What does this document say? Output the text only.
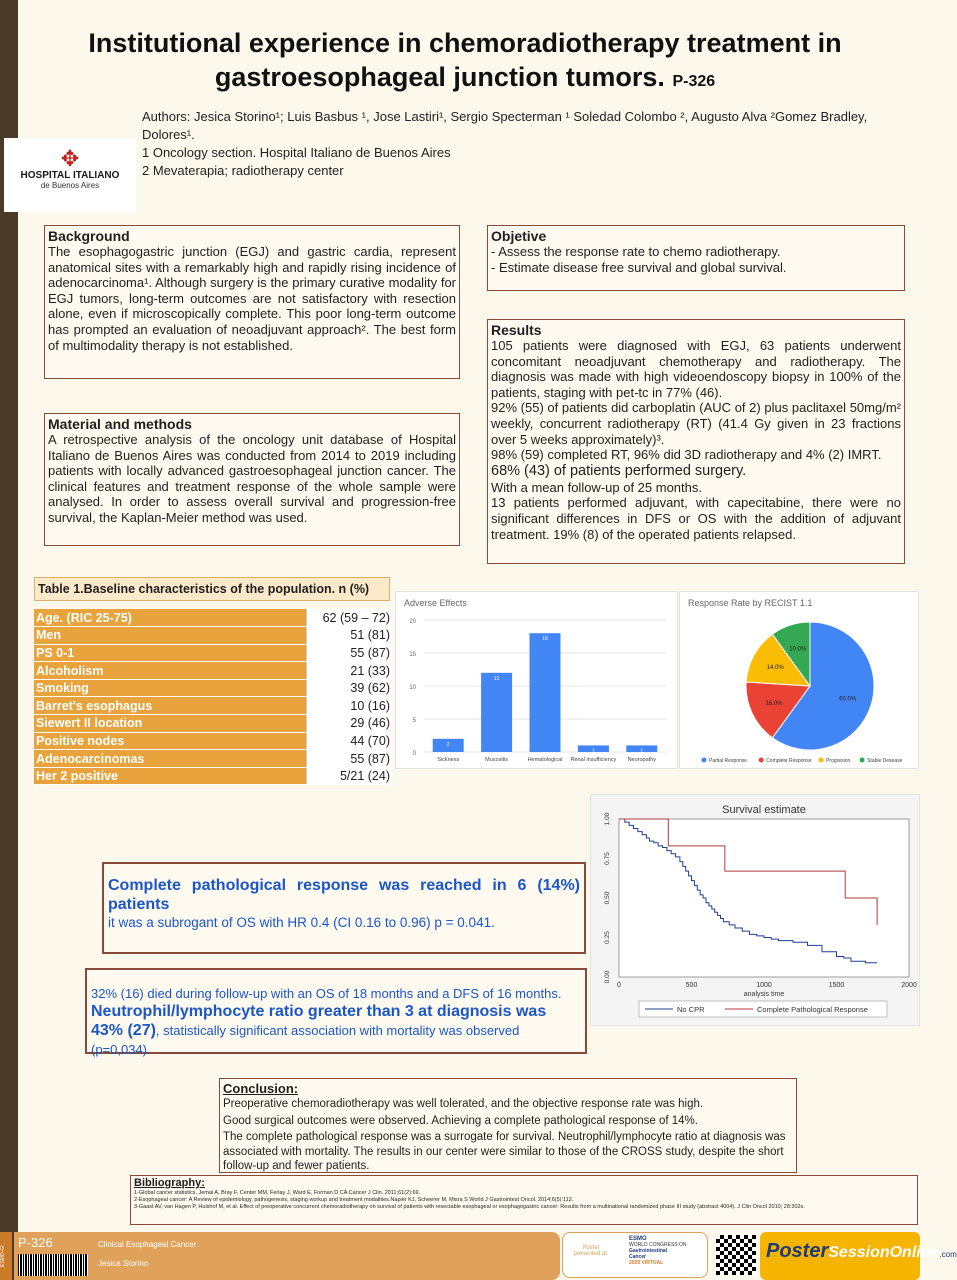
Institutional experience in chemoradiotherapy treatment in gastroesophageal junction tumors. P-326
Authors: Jesica Storino¹; Luis Basbus ¹, Jose Lastiri¹, Sergio Specterman ¹ Soledad Colombo ², Augusto Alva ²Gomez Bradley, Dolores¹.
1 Oncology section. Hospital Italiano de Buenos Aires
2 Mevaterapia; radiotherapy center
✥
HOSPITAL ITALIANO
de Buenos Aires
Background

The esophagogastric junction (EGJ) and gastric cardia, represent anatomical sites with a remarkably high and rapidly rising incidence of adenocarcinoma¹. Although surgery is the primary curative modality for EGJ tumors, long-term outcomes are not satisfactory with resection alone, even if microscopically complete. This poor long-term outcome has prompted an evaluation of neoadjuvant approach². The best form of multimodality therapy is not established.

Material and methods

A retrospective analysis of the oncology unit database of Hospital Italiano de Buenos Aires was conducted from 2014 to 2019 including patients with locally advanced gastroesophageal junction cancer. The clinical features and treatment response of the whole sample were analysed. In order to assess overall survival and progression-free survival, the Kaplan-Meier method was used.

Objetive
- Assess the response rate to chemo radiotherapy.
- Estimate disease free survival and global survival.
Results

105 patients were diagnosed with EGJ, 63 patients underwent concomitant neoadjuvant chemotherapy and radiotherapy. The diagnosis was made with high videoendoscopy biopsy in 100% of the patients, staging with pet-tc in 77% (46).

92% (55) of patients did carboplatin (AUC of 2) plus paclitaxel 50mg/m² weekly, concurrent radiotherapy (RT) (41.4 Gy given in 23 fractions over 5 weeks approximately)³.

98% (59) completed RT, 96% did 3D radiotherapy and 4% (2) IMRT.

68% (43) of patients performed surgery.

With a mean follow-up of 25 months.

13 patients performed adjuvant, with capecitabine, there were no significant differences in DFS or OS with the addition of adjuvant treatment. 19% (8) of the operated patients relapsed.

Table 1.Baseline characteristics of the population. n (%)
Age. (RIC 25-75)	62 (59 – 72)
Men	51 (81)
PS 0-1	55 (87)
Alcoholism	21 (33)
Smoking	39 (62)
Barret's esophagus	10 (16)
Siewert II location	29 (46)
Positive nodes	44 (70)
Adenocarcinomas	55 (87)
Her 2 positive	5/21 (24)
Adverse Effects
0
5
10
15
20
2
Sickness
12
Mucositis
18
Hematological
1
Renal insufficiency
1
Neuropathy
Response Rate by RECIST 1.1
60.0%
16.0%
14.0%
10.0%
Partial Response	Complete Response	Progresion	Stable Desease
Survival estimate
0	500	1000	1500	2000
0.00
0.25
0.50
0.75
1.00
analysis time
No CPR	Complete Pathological Response
Complete pathological response was reached in 6 (14%) patients
it was a subrogant of OS with HR 0.4 (CI 0.16 to 0.96) p = 0.041.
32% (16) died during follow-up with an OS of 18 months and a DFS of 16 months.
Neutrophil/lymphocyte ratio greater than 3 at diagnosis was 43% (27), statistically significant association with mortality was observed (p=0,034).
Conclusion:

Preoperative chemoradiotherapy was well tolerated, and the objective response rate was high.

Good surgical outcomes were observed. Achieving a complete pathological response of 14%.

The complete pathological response was a surrogate for survival. Neutrophil/lymphocyte ratio at diagnosis was associated with mortality. The results in our center were similar to those of the CROSS study, despite the short follow-up and fewer patients.

Bibliography:

1-Global cancer statistics. Jemal A, Bray F, Center MM, Ferlay J, Ward E, Forman D CA Cancer J Clin. 2011;61(2):69.

2-Esophageal cancer: A Review of epidemiology, pathogenesis, staging workup and treatment modalities.Napier KJ, Scheerer M, Misra S World J Gastrointest Oncol. 2014;6(5):112.

3-Gaast AV, van Hagen P, Hulshof M, et al. Effect of preoperative concurrent chemoradiotherapy on survival of patients with resectable esophageal or esophagogastric cancer: Results from a multinational randomized phase III study (abstract 4004). J Clin Oncol 2010; 28:302s.

ESMO-GI
P-326	Clinical Esophageal Cancer
Jesica Storino
Poster presented at:
ESMO
WORLD CONGRESS ON
Gastrointestinal
Cancer
2020 VIRTUAL
PosterSessionOnline.com
